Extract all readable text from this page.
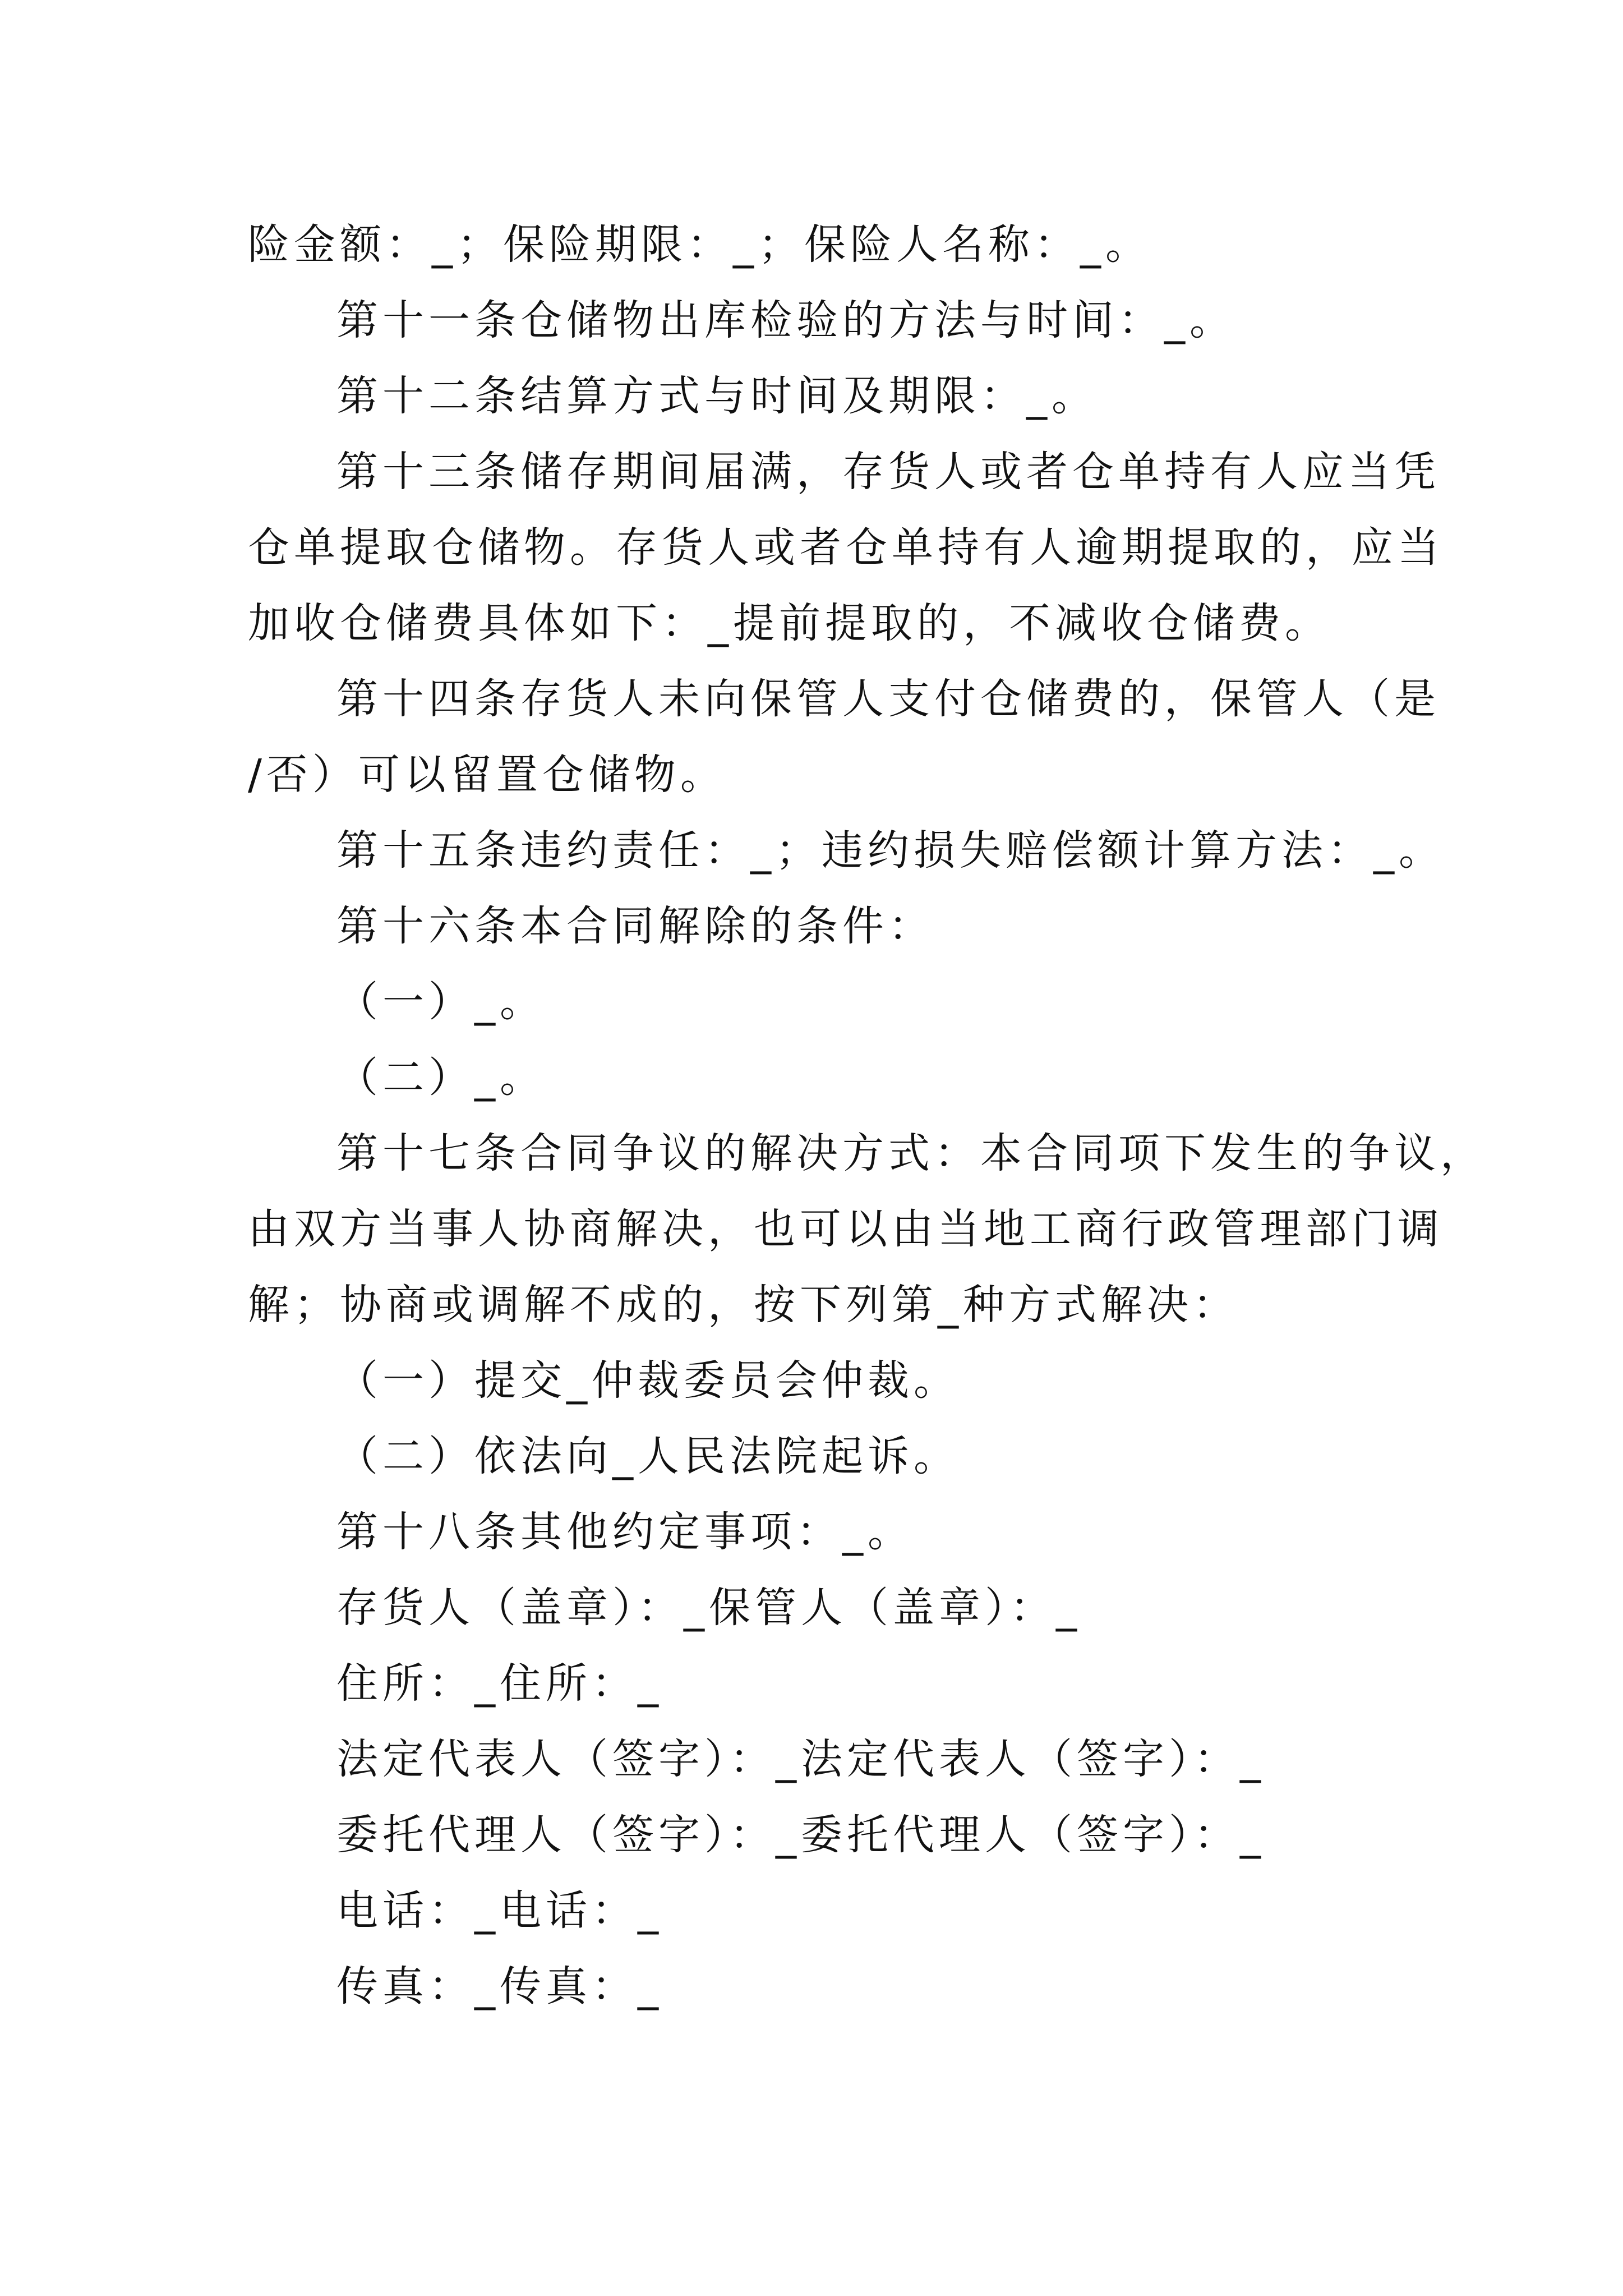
险金额：_；保险期限：_；保险人名称：_。
第十一条仓储物出库检验的方法与时间：_。
第十二条结算方式与时间及期限：_。
第十三条储存期间届满，存货人或者仓单持有人应当凭
仓单提取仓储物。存货人或者仓单持有人逾期提取的，应当
加收仓储费具体如下：_提前提取的，不减收仓储费。
第十四条存货人未向保管人支付仓储费的，保管人（是
/否）可以留置仓储物。
第十五条违约责任：_；违约损失赔偿额计算方法：_。
第十六条本合同解除的条件：
（一）_。
（二）_。
第十七条合同争议的解决方式：本合同项下发生的争议，
由双方当事人协商解决，也可以由当地工商行政管理部门调
解；协商或调解不成的，按下列第_种方式解决：
（一）提交_仲裁委员会仲裁。
（二）依法向_人民法院起诉。
第十八条其他约定事项：_。
存货人（盖章）：_保管人（盖章）：_
住所：_住所：_
法定代表人（签字）：_法定代表人（签字）：_
委托代理人（签字）：_委托代理人（签字）：_
电话：_电话：_
传真：_传真：_
